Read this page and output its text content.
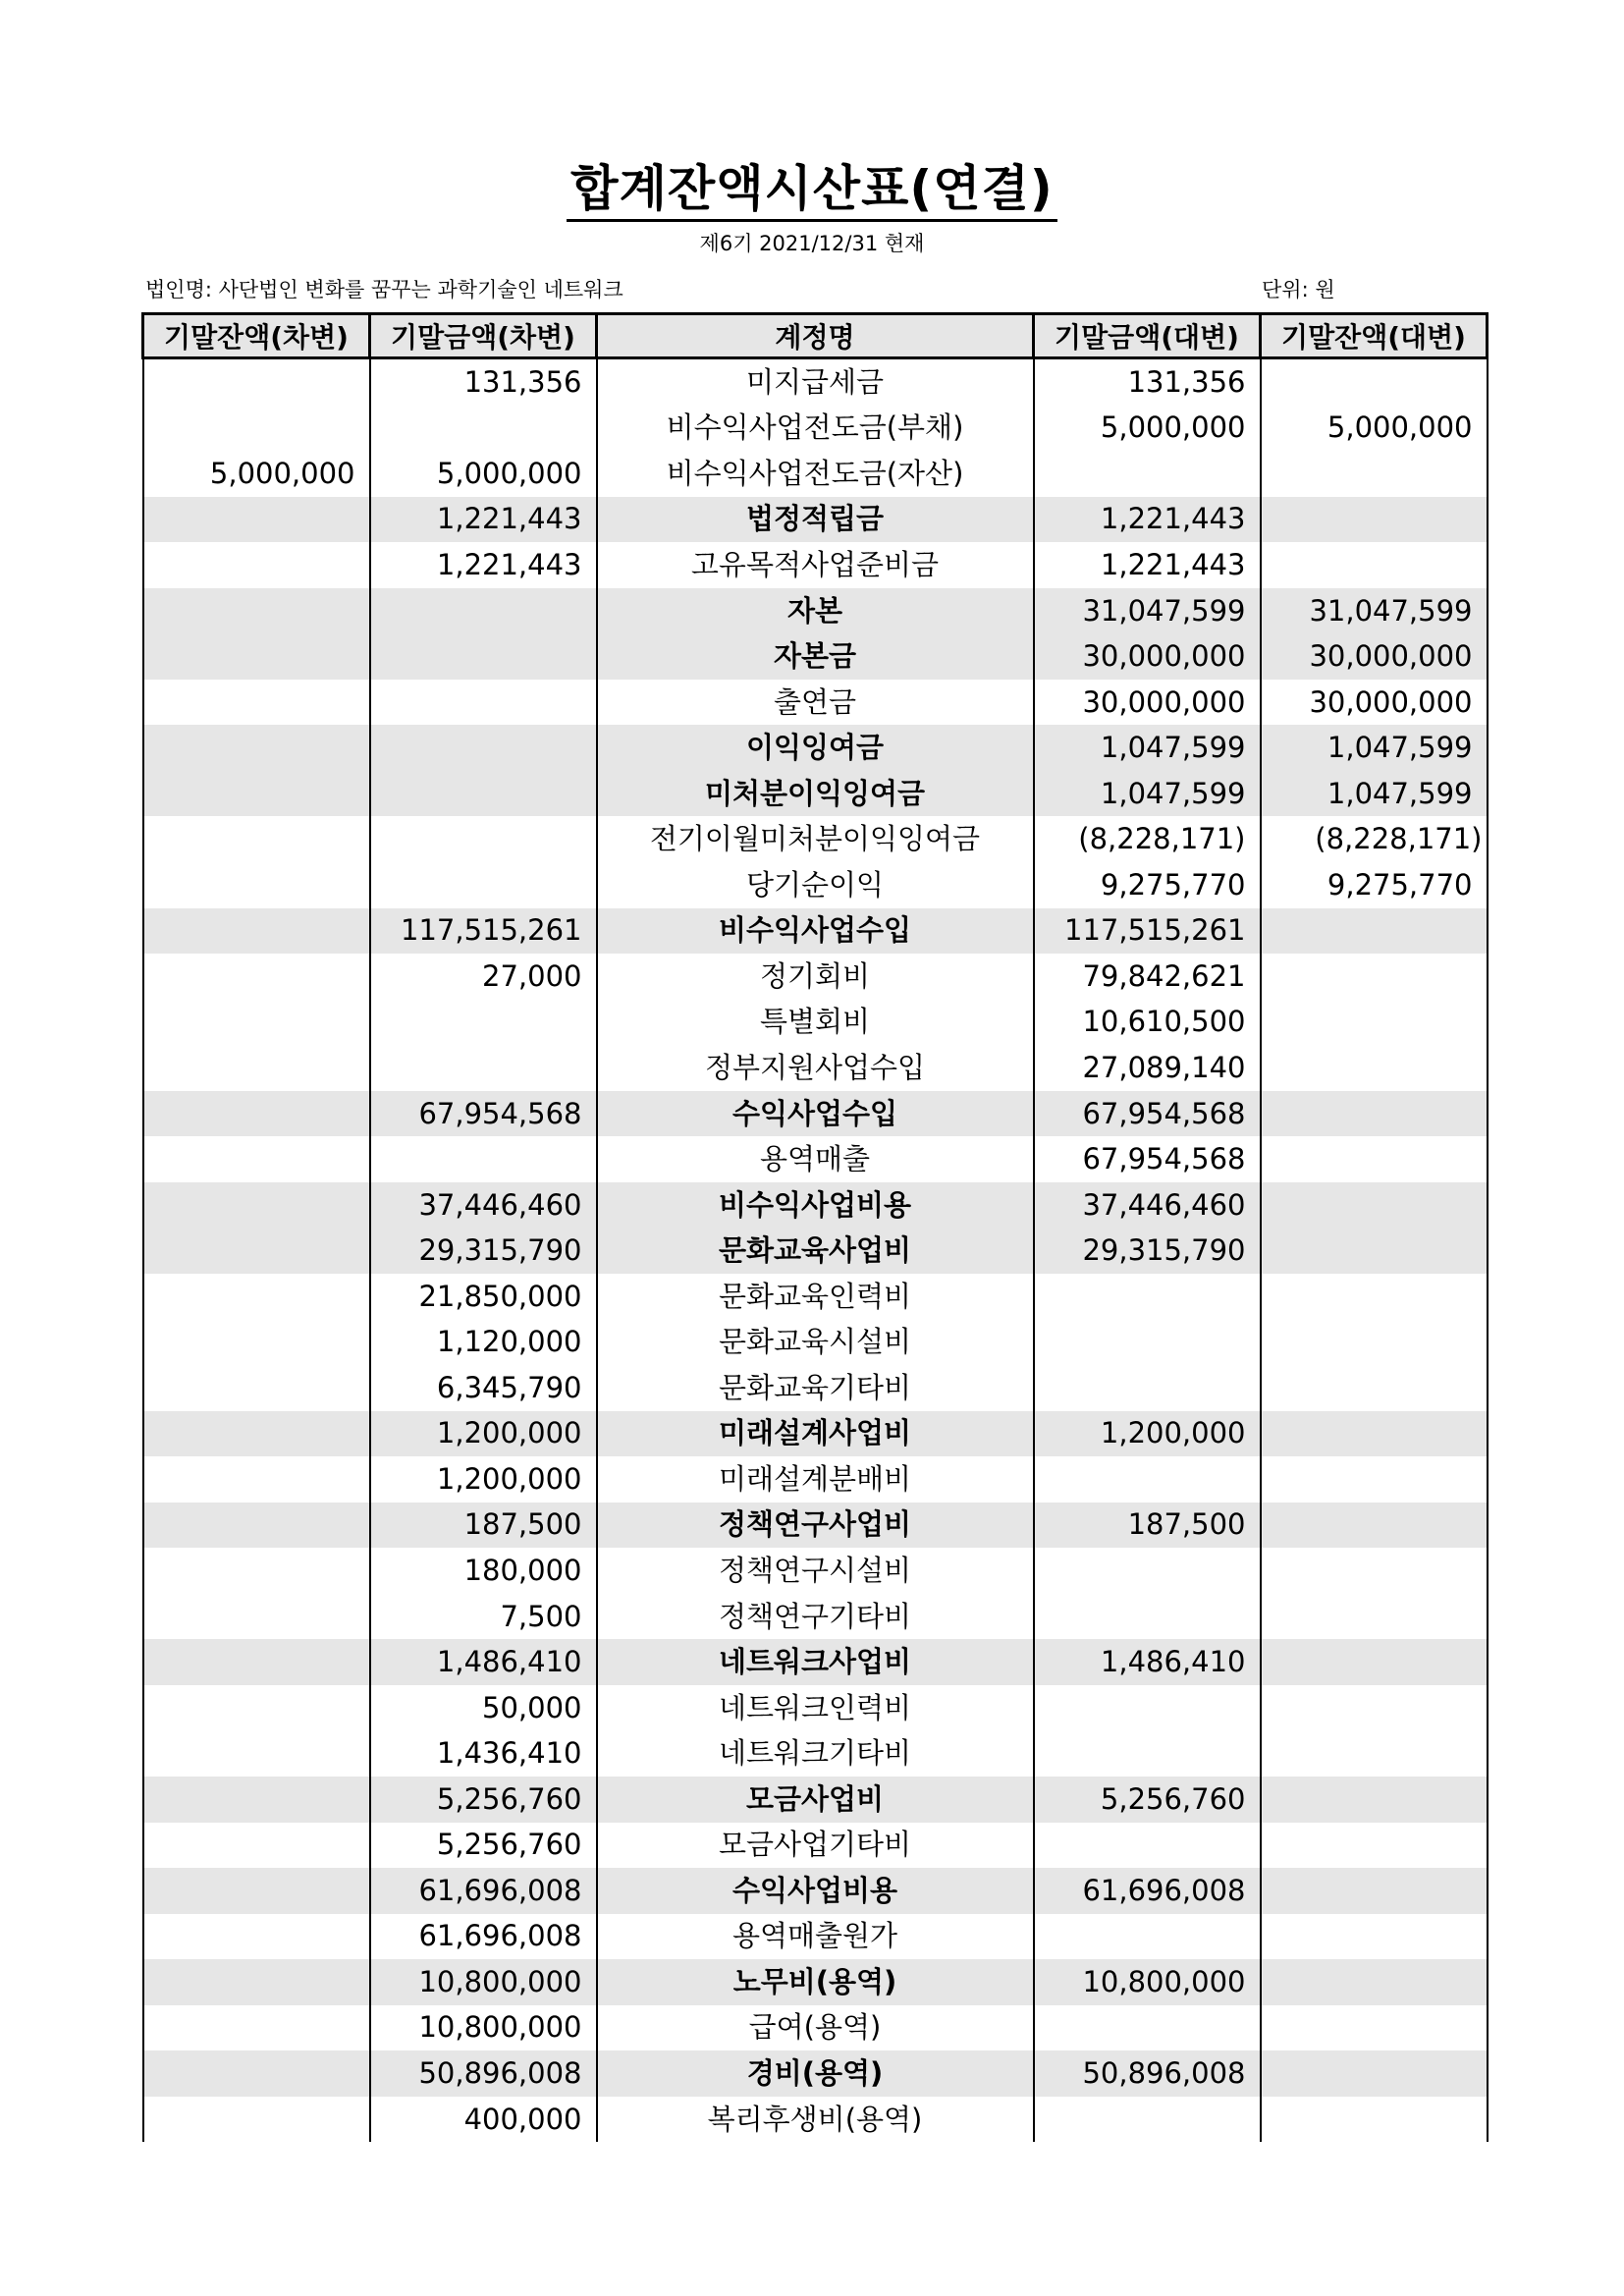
합계잔액시산표(연결)
제6기 2021/12/31 현재
법인명: 사단법인 변화를 꿈꾸는 과학기술인 네트워크	단위: 원
기말잔액(차변)	기말금액(차변)	계정명	기말금액(대변)	기말잔액(대변)
	131,356	미지급세금	131,356	
		비수익사업전도금(부채)	5,000,000	5,000,000
5,000,000	5,000,000	비수익사업전도금(자산)		
	1,221,443	법정적립금	1,221,443	
	1,221,443	고유목적사업준비금	1,221,443	
		자본	31,047,599	31,047,599
		자본금	30,000,000	30,000,000
		출연금	30,000,000	30,000,000
		이익잉여금	1,047,599	1,047,599
		미처분이익잉여금	1,047,599	1,047,599
		전기이월미처분이익잉여금	(8,228,171)	(8,228,171)
		당기순이익	9,275,770	9,275,770
	117,515,261	비수익사업수입	117,515,261	
	27,000	정기회비	79,842,621	
		특별회비	10,610,500	
		정부지원사업수입	27,089,140	
	67,954,568	수익사업수입	67,954,568	
		용역매출	67,954,568	
	37,446,460	비수익사업비용	37,446,460	
	29,315,790	문화교육사업비	29,315,790	
	21,850,000	문화교육인력비		
	1,120,000	문화교육시설비		
	6,345,790	문화교육기타비		
	1,200,000	미래설계사업비	1,200,000	
	1,200,000	미래설계분배비		
	187,500	정책연구사업비	187,500	
	180,000	정책연구시설비		
	7,500	정책연구기타비		
	1,486,410	네트워크사업비	1,486,410	
	50,000	네트워크인력비		
	1,436,410	네트워크기타비		
	5,256,760	모금사업비	5,256,760	
	5,256,760	모금사업기타비		
	61,696,008	수익사업비용	61,696,008	
	61,696,008	용역매출원가		
	10,800,000	노무비(용역)	10,800,000	
	10,800,000	급여(용역)		
	50,896,008	경비(용역)	50,896,008	
	400,000	복리후생비(용역)		
